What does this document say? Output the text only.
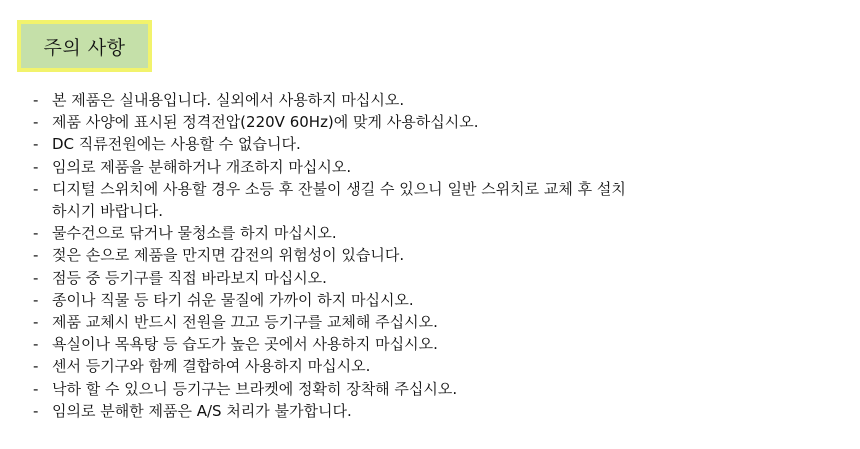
주의 사항
- 본 제품은 실내용입니다. 실외에서 사용하지 마십시오.
- 제품 사양에 표시된 정격전압(220V 60Hz)에 맞게 사용하십시오.
- DC 직류전원에는 사용할 수 없습니다.
- 임의로 제품을 분해하거나 개조하지 마십시오.
- 디지털 스위치에 사용할 경우 소등 후 잔불이 생길 수 있으니 일반 스위치로 교체 후 설치
하시기 바랍니다.
- 물수건으로 닦거나 물청소를 하지 마십시오.
- 젖은 손으로 제품을 만지면 감전의 위험성이 있습니다.
- 점등 중 등기구를 직접 바라보지 마십시오.
- 종이나 직물 등 타기 쉬운 물질에 가까이 하지 마십시오.
- 제품 교체시 반드시 전원을 끄고 등기구를 교체해 주십시오.
- 욕실이나 목욕탕 등 습도가 높은 곳에서 사용하지 마십시오.
- 센서 등기구와 함께 결합하여 사용하지 마십시오.
- 낙하 할 수 있으니 등기구는 브라켓에 정확히 장착해 주십시오.
- 임의로 분해한 제품은 A/S 처리가 불가합니다.
